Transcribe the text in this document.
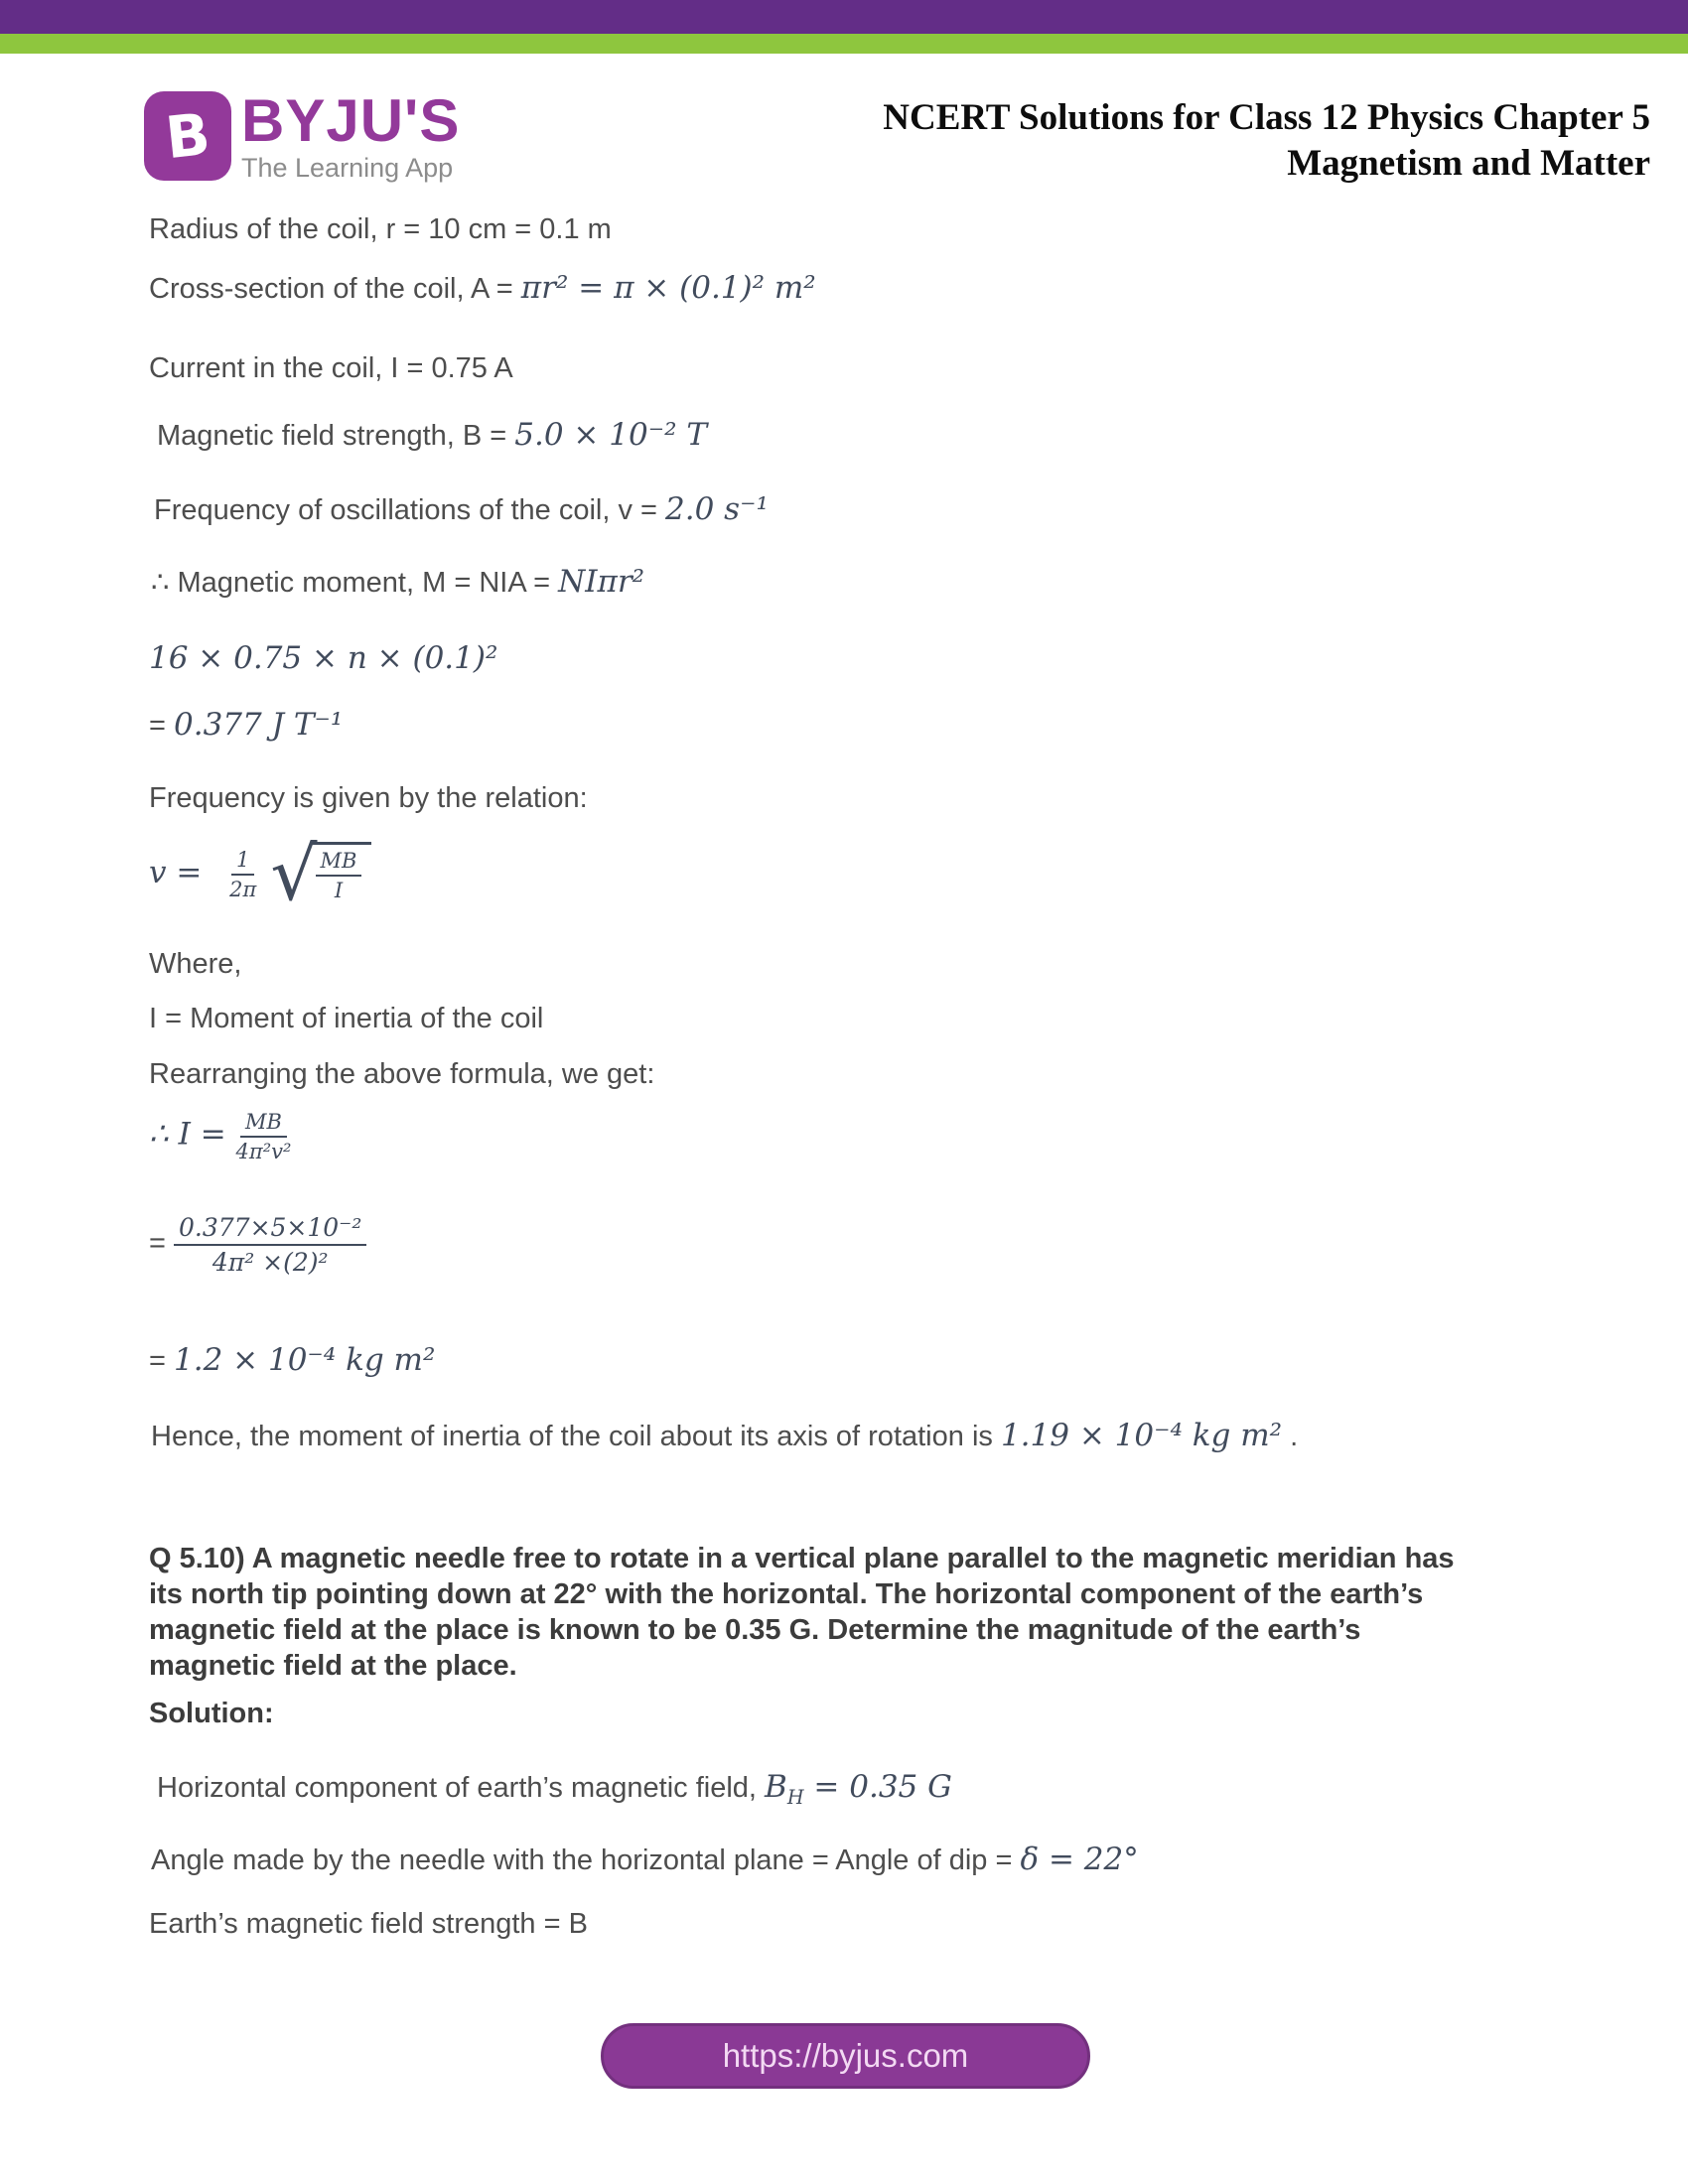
B BYJU'S
The Learning App
NCERT Solutions for Class 12 Physics Chapter 5
Magnetism and Matter
Radius of the coil, r = 10 cm = 0.1 m
Cross-section of the coil, A = πr² = π × (0.1)² m²
Current in the coil, I = 0.75 A
Magnetic field strength, B = 5.0 × 10⁻² T
Frequency of oscillations of the coil, v = 2.0 s⁻¹
∴ Magnetic moment, M = NIA = NIπr²
16 × 0.75 × n × (0.1)²
= 0.377 J T⁻¹
Frequency is given by the relation:
$v = \frac{1}{2\pi}$
√
$\frac{MB}{I}$
Where,
I = Moment of inertia of the coil
Rearranging the above formula, we get:
∴ $I = \frac{MB}{\text{4π²v²}}$
= $\frac{\text{0.377×5×10⁻²}}{\text{4π² ×(2)²}}$
= 1.2 × 10⁻⁴ kg m²
Hence, the moment of inertia of the coil about its axis of rotation is 1.19 × 10⁻⁴ kg m² .
Q 5.10) A magnetic needle free to rotate in a vertical plane parallel to the magnetic meridian has
its north tip pointing down at 22° with the horizontal. The horizontal component of the earth’s
magnetic field at the place is known to be 0.35 G. Determine the magnitude of the earth’s
magnetic field at the place.
Solution:
Horizontal component of earth’s magnetic field, $B_H = 0.35$ G
Angle made by the needle with the horizontal plane = Angle of dip = δ = 22°
Earth’s magnetic field strength = B
https://byjus.com
